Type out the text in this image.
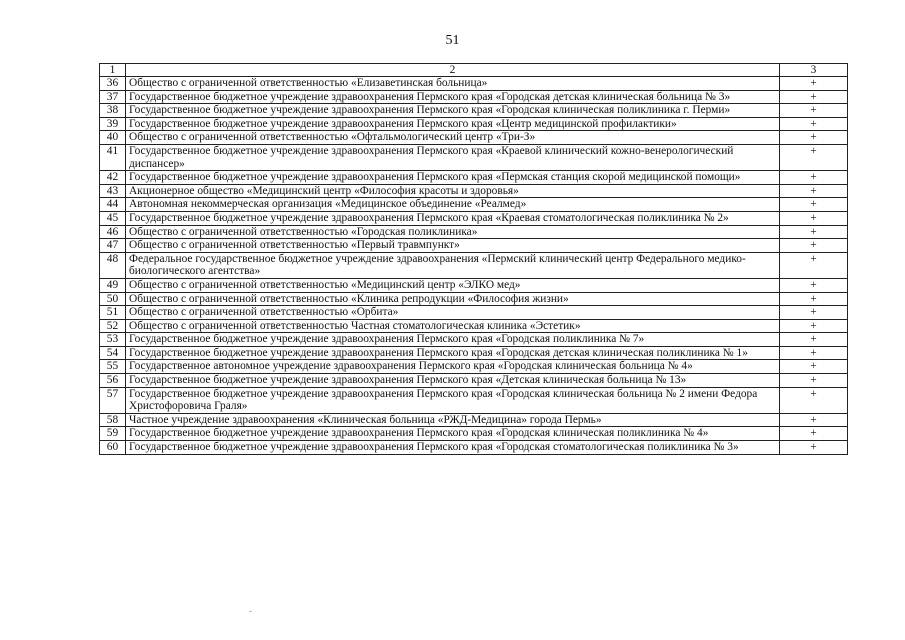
51
1	2	3
36	Общество с ограниченной ответственностью «Елизаветинская больница»	+
37	Государственное бюджетное учреждение здравоохранения Пермского края «Городская детская клиническая больница № 3»	+
38	Государственное бюджетное учреждение здравоохранения Пермского края «Городская клиническая поликлиника г. Перми»	+
39	Государственное бюджетное учреждение здравоохранения Пермского края «Центр медицинской профилактики»	+
40	Общество с ограниченной ответственностью «Офтальмологический центр «Три-З»	+
41	Государственное бюджетное учреждение здравоохранения Пермского края «Краевой клинический кожно-венерологический диспансер»	+
42	Государственное бюджетное учреждение здравоохранения Пермского края «Пермская станция скорой медицинской помощи»	+
43	Акционерное общество «Медицинский центр «Философия красоты и здоровья»	+
44	Автономная некоммерческая организация «Медицинское объединение «Реалмед»	+
45	Государственное бюджетное учреждение здравоохранения Пермского края «Краевая стоматологическая поликлиника № 2»	+
46	Общество с ограниченной ответственностью «Городская поликлиника»	+
47	Общество с ограниченной ответственностью «Первый травмпункт»	+
48	Федеральное государственное бюджетное учреждение здравоохранения «Пермский клинический центр Федерального медико-биологического агентства»	+
49	Общество с ограниченной ответственностью «Медицинский центр «ЭЛКО мед»	+
50	Общество с ограниченной ответственностью «Клиника репродукции «Философия жизни»	+
51	Общество с ограниченной ответственностью «Орбита»	+
52	Общество с ограниченной ответственностью Частная стоматологическая клиника «Эстетик»	+
53	Государственное бюджетное учреждение здравоохранения Пермского края «Городская поликлиника № 7»	+
54	Государственное бюджетное учреждение здравоохранения Пермского края «Городская детская клиническая поликлиника № 1»	+
55	Государственное автономное учреждение здравоохранения Пермского края «Городская клиническая больница № 4»	+
56	Государственное бюджетное учреждение здравоохранения Пермского края «Детская клиническая больница № 13»	+
57	Государственное бюджетное учреждение здравоохранения Пермского края «Городская клиническая больница № 2 имени Федора Христофоровича Граля»	+
58	Частное учреждение здравоохранения «Клиническая больница «РЖД-Медицина» города Пермь»	+
59	Государственное бюджетное учреждение здравоохранения Пермского края «Городская клиническая поликлиника № 4»	+
60	Государственное бюджетное учреждение здравоохранения Пермского края «Городская стоматологическая поликлиника № 3»	+
